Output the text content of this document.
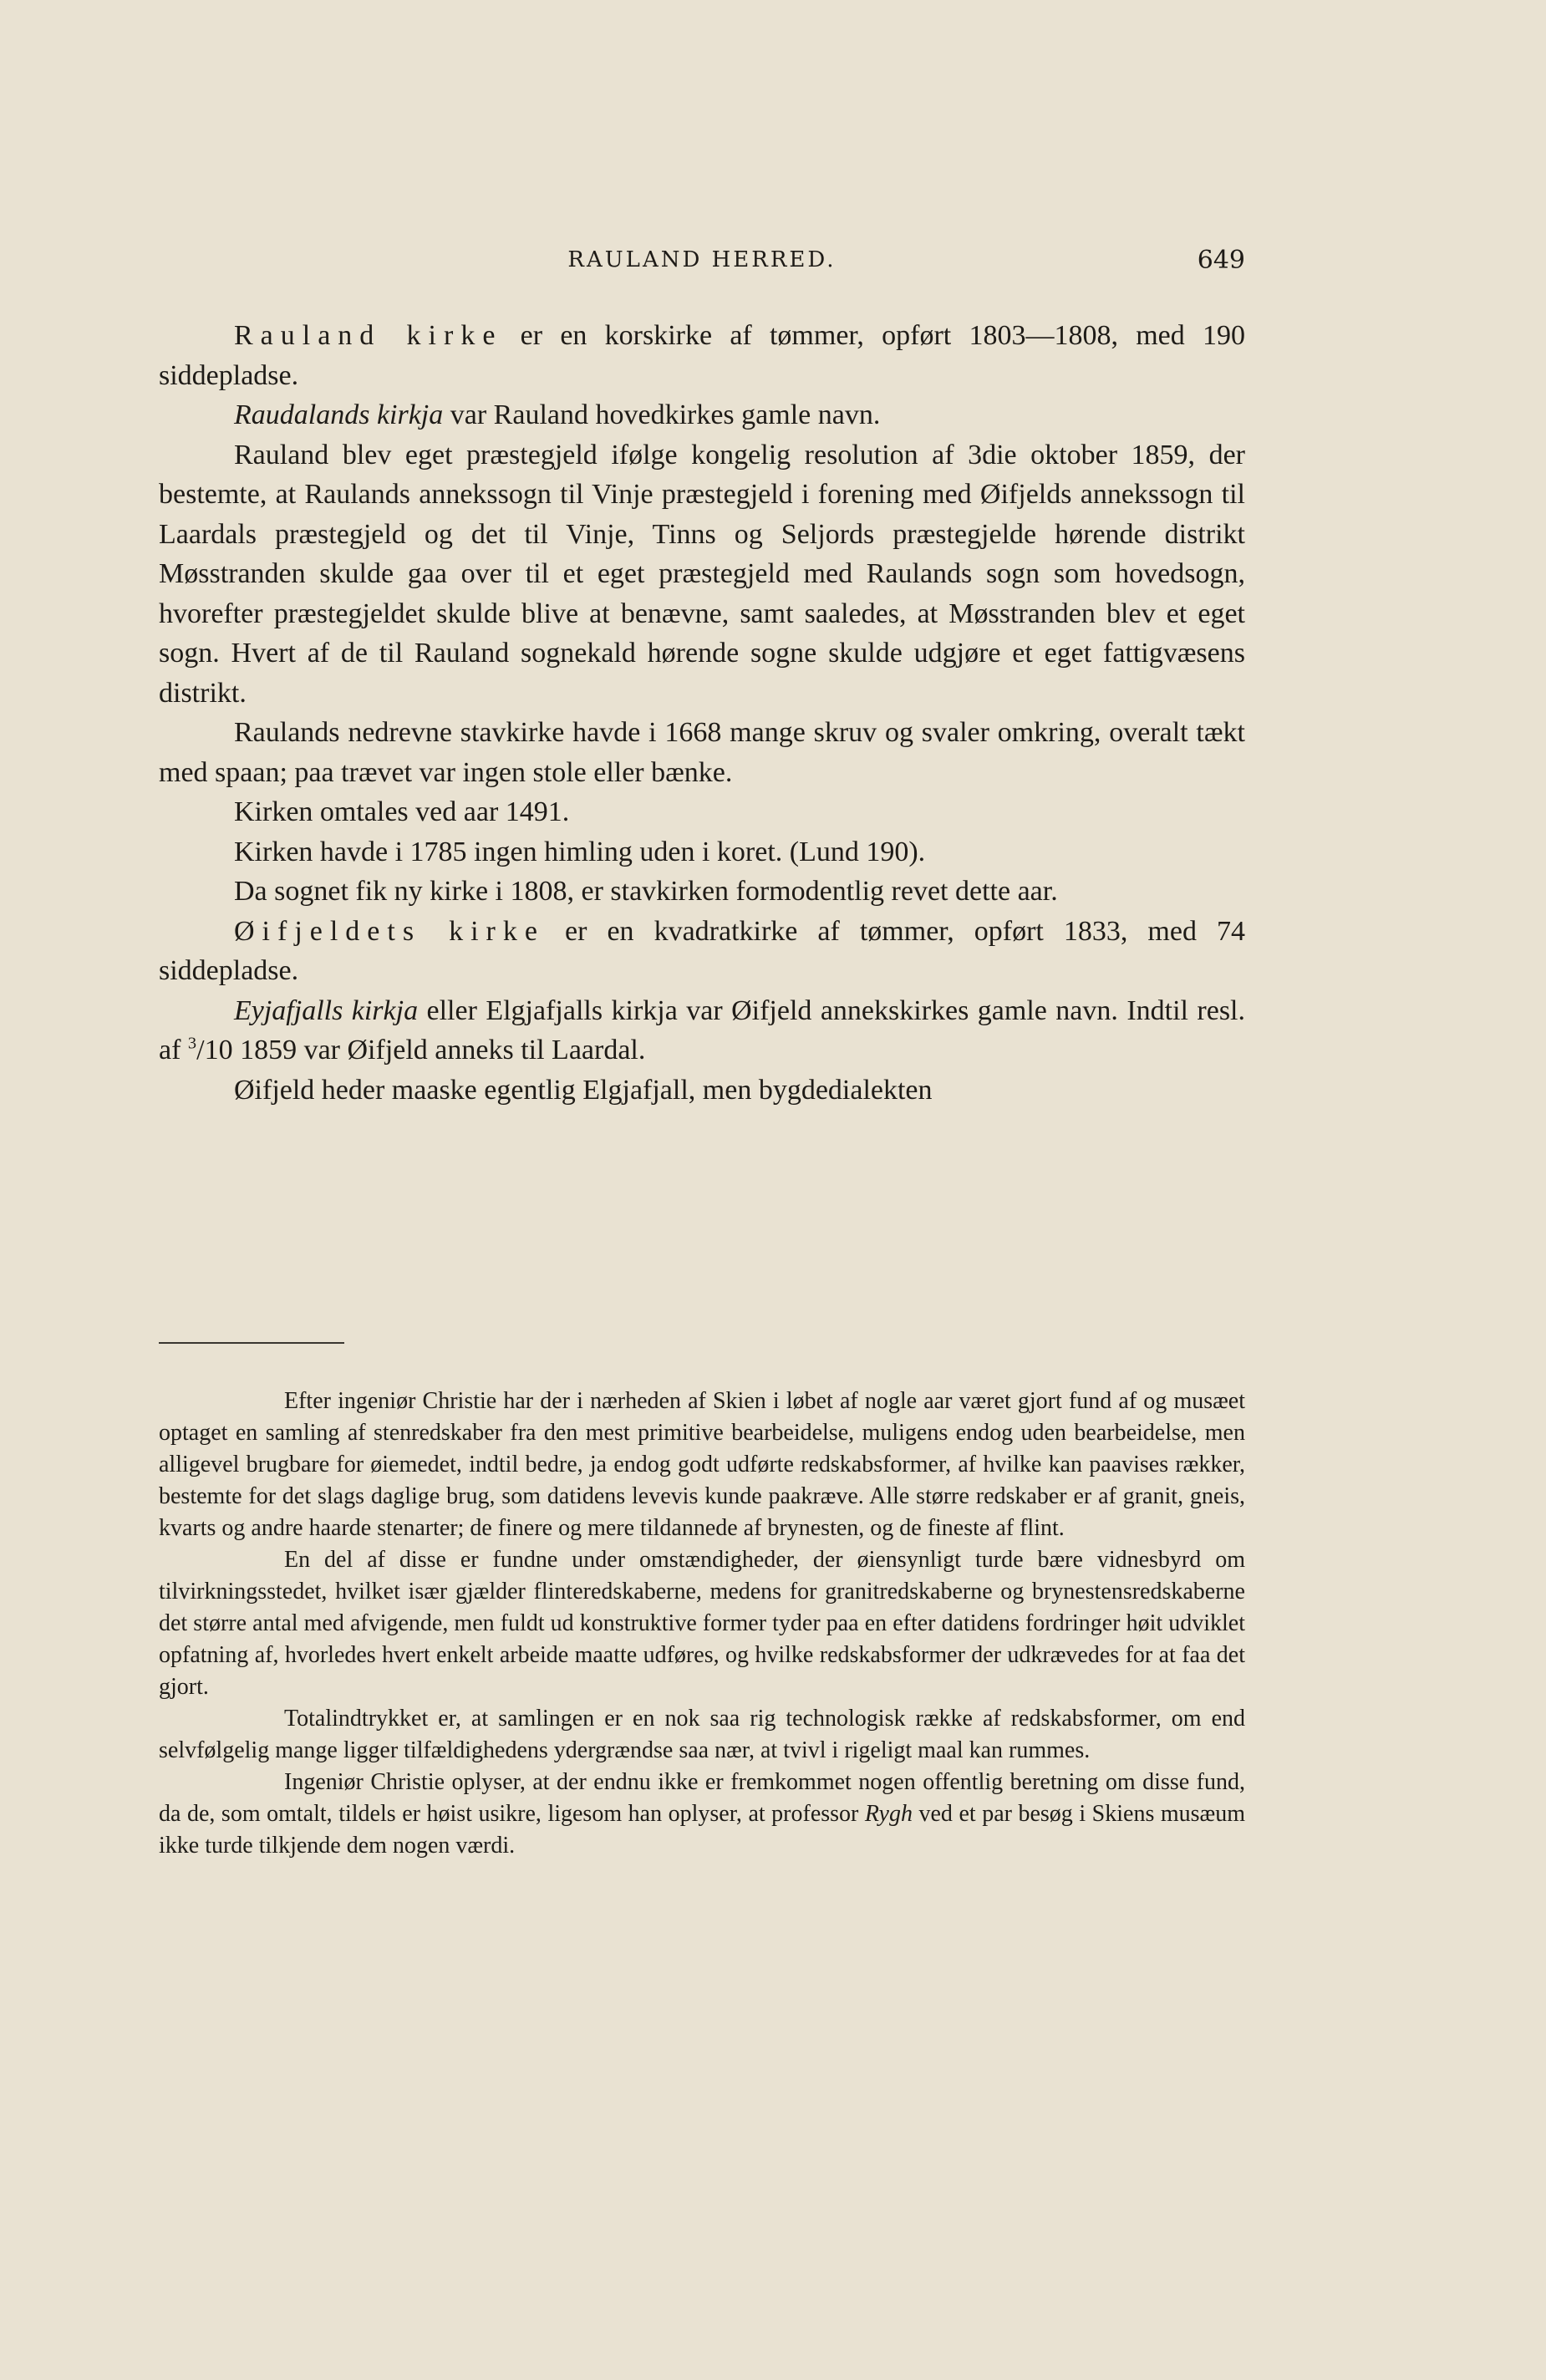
RAULAND HERRED.	649

Rauland kirke er en korskirke af tømmer, opført 1803—1808, med 190 siddepladse.

Raudalands kirkja var Rauland hovedkirkes gamle navn.

Rauland blev eget præstegjeld ifølge kongelig resolution af 3die oktober 1859, der bestemte, at Raulands annekssogn til Vinje præstegjeld i forening med Øifjelds annekssogn til Laardals præstegjeld og det til Vinje, Tinns og Seljords præstegjelde hørende distrikt Møsstranden skulde gaa over til et eget præstegjeld med Raulands sogn som hovedsogn, hvorefter præstegjeldet skulde blive at benævne, samt saaledes, at Møsstranden blev et eget sogn. Hvert af de til Rauland sognekald hørende sogne skulde udgjøre et eget fattigvæsens distrikt.

Raulands nedrevne stavkirke havde i 1668 mange skruv og svaler omkring, overalt tækt med spaan; paa trævet var ingen stole eller bænke.

Kirken omtales ved aar 1491.

Kirken havde i 1785 ingen himling uden i koret. (Lund 190).

Da sognet fik ny kirke i 1808, er stavkirken formodentlig revet dette aar.

Øifjeldets kirke er en kvadratkirke af tømmer, opført 1833, med 74 siddepladse.

Eyjafjalls kirkja eller Elgjafjalls kirkja var Øifjeld annekskirkes gamle navn. Indtil resl. af $^3$/10 1859 var Øifjeld anneks til Laardal.

Øifjeld heder maaske egentlig Elgjafjall, men bygdedialekten

Efter ingeniør Christie har der i nærheden af Skien i løbet af nogle aar været gjort fund af og musæet optaget en samling af stenredskaber fra den mest primitive bearbeidelse, muligens endog uden bearbeidelse, men alligevel brugbare for øiemedet, indtil bedre, ja endog godt udførte redskabsformer, af hvilke kan paavises rækker, bestemte for det slags daglige brug, som datidens levevis kunde paakræve. Alle større redskaber er af granit, gneis, kvarts og andre haarde stenarter; de finere og mere tildannede af brynesten, og de fineste af flint.

En del af disse er fundne under omstændigheder, der øiensynligt turde bære vidnesbyrd om tilvirkningsstedet, hvilket især gjælder flinteredskaberne, medens for granitredskaberne og brynestensredskaberne det større antal med afvigende, men fuldt ud konstruktive former tyder paa en efter datidens fordringer høit udviklet opfatning af, hvorledes hvert enkelt arbeide maatte udføres, og hvilke redskabsformer der udkrævedes for at faa det gjort.

Totalindtrykket er, at samlingen er en nok saa rig technologisk række af redskabsformer, om end selvfølgelig mange ligger tilfældighedens ydergrændse saa nær, at tvivl i rigeligt maal kan rummes.

Ingeniør Christie oplyser, at der endnu ikke er fremkommet nogen offentlig beretning om disse fund, da de, som omtalt, tildels er høist usikre, ligesom han oplyser, at professor Rygh ved et par besøg i Skiens musæum ikke turde tilkjende dem nogen værdi.
